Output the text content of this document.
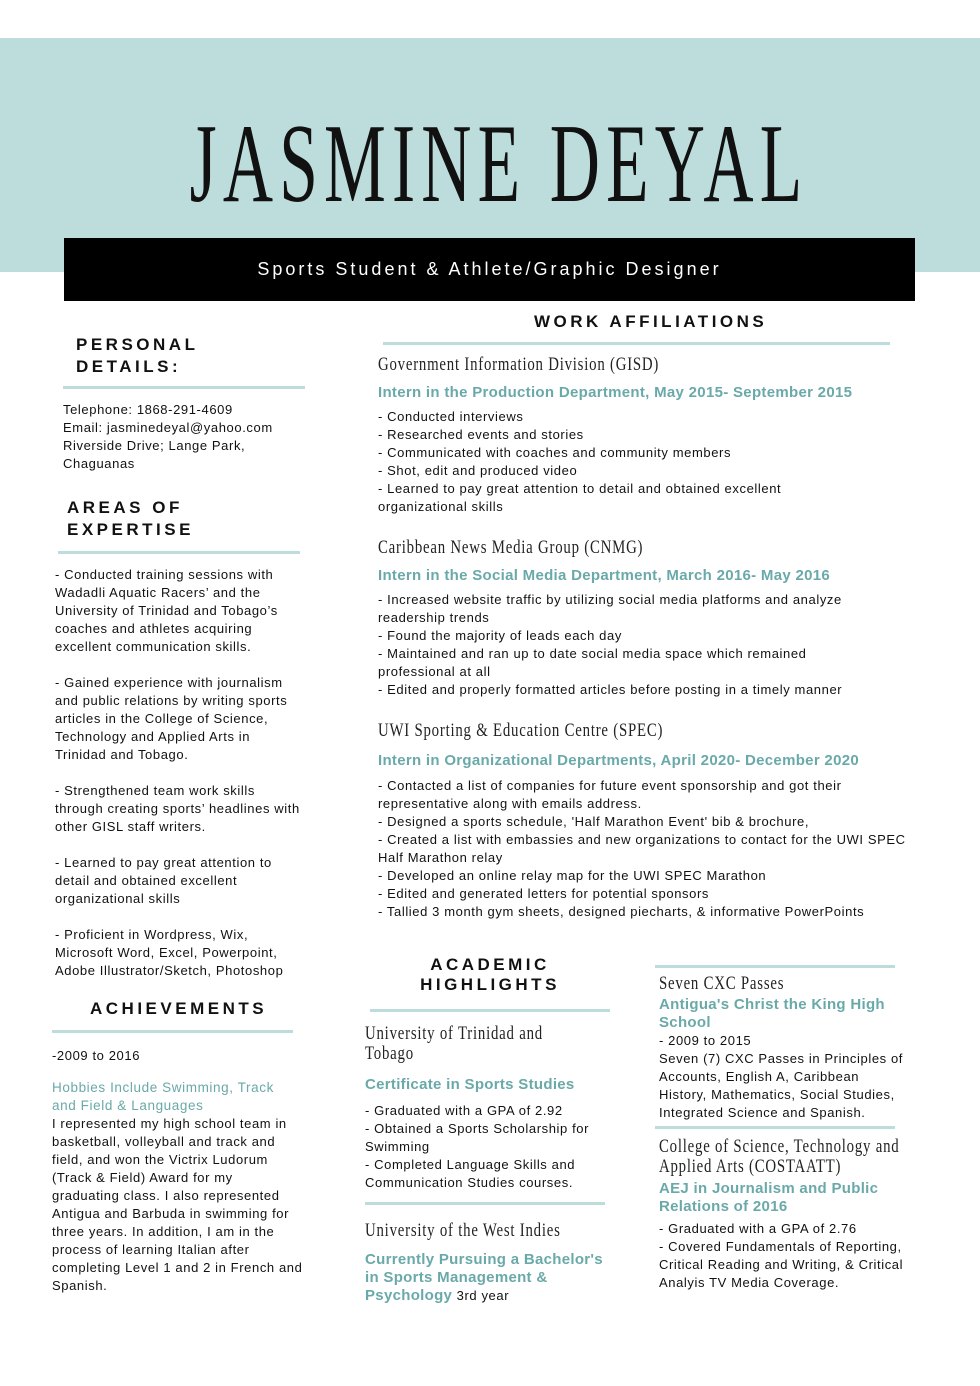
JASMINE DEYAL
Sports Student & Athlete/Graphic Designer
PERSONAL DETAILS:
Telephone: 1868-291-4609
Email: jasminedeyal@yahoo.com
Riverside Drive; Lange Park,
Chaguanas
AREAS OF EXPERTISE

- Conducted training sessions with Wadadli Aquatic Racers’ and the University of Trinidad and Tobago’s coaches and athletes acquiring excellent communication skills.

- Gained experience with journalism and public relations by writing sports articles in the College of Science, Technology and Applied Arts in Trinidad and Tobago.

- Strengthened team work skills through creating sports’ headlines with other GISL staff writers.

- Learned to pay great attention to detail and obtained excellent organizational skills

- Proficient in Wordpress, Wix, Microsoft Word, Excel, Powerpoint, Adobe Illustrator/Sketch, Photoshop

ACHIEVEMENTS
-2009 to 2016
Hobbies Include Swimming, Track and Field & Languages
I represented my high school team in basketball, volleyball and track and field, and won the Victrix Ludorum (Track & Field) Award for my graduating class. I also represented Antigua and Barbuda in swimming for three years. In addition, I am in the process of learning Italian after completing Level 1 and 2 in French and Spanish.
WORK AFFILIATIONS
Government Information Division (GISD)
Intern in the Production Department, May 2015- September 2015
- Conducted interviews
- Researched events and stories
- Communicated with coaches and community members
- Shot, edit and produced video
- Learned to pay great attention to detail and obtained excellent organizational skills
Caribbean News Media Group (CNMG)
Intern in the Social Media Department, March 2016- May 2016
- Increased website traffic by utilizing social media platforms and analyze readership trends
- Found the majority of leads each day
- Maintained and ran up to date social media space which remained professional at all
- Edited and properly formatted articles before posting in a timely manner
UWI Sporting & Education Centre (SPEC)
Intern in Organizational Departments, April 2020- December 2020
- Contacted a list of companies for future event sponsorship and got their representative along with emails address.
- Designed a sports schedule, 'Half Marathon Event' bib & brochure,
- Created a list with embassies and new organizations to contact for the UWI SPEC Half Marathon relay
- Developed an online relay map for the UWI SPEC Marathon
- Edited and generated letters for potential sponsors
- Tallied 3 month gym sheets, designed piecharts, & informative PowerPoints
ACADEMIC
HIGHLIGHTS
University of Trinidad and Tobago
Certificate in Sports Studies
- Graduated with a GPA of 2.92
- Obtained a Sports Scholarship for Swimming
- Completed Language Skills and Communication Studies courses.
University of the West Indies
Currently Pursuing a Bachelor's in Sports Management & Psychology 3rd year
Seven CXC Passes
Antigua's Christ the King High School
- 2009 to 2015
Seven (7) CXC Passes in Principles of Accounts, English A, Caribbean History, Mathematics, Social Studies, Integrated Science and Spanish.
College of Science, Technology and Applied Arts (COSTAATT)
AEJ in Journalism and Public Relations of 2016
- Graduated with a GPA of 2.76
- Covered Fundamentals of Reporting, Critical Reading and Writing, & Critical Analyis TV Media Coverage.
